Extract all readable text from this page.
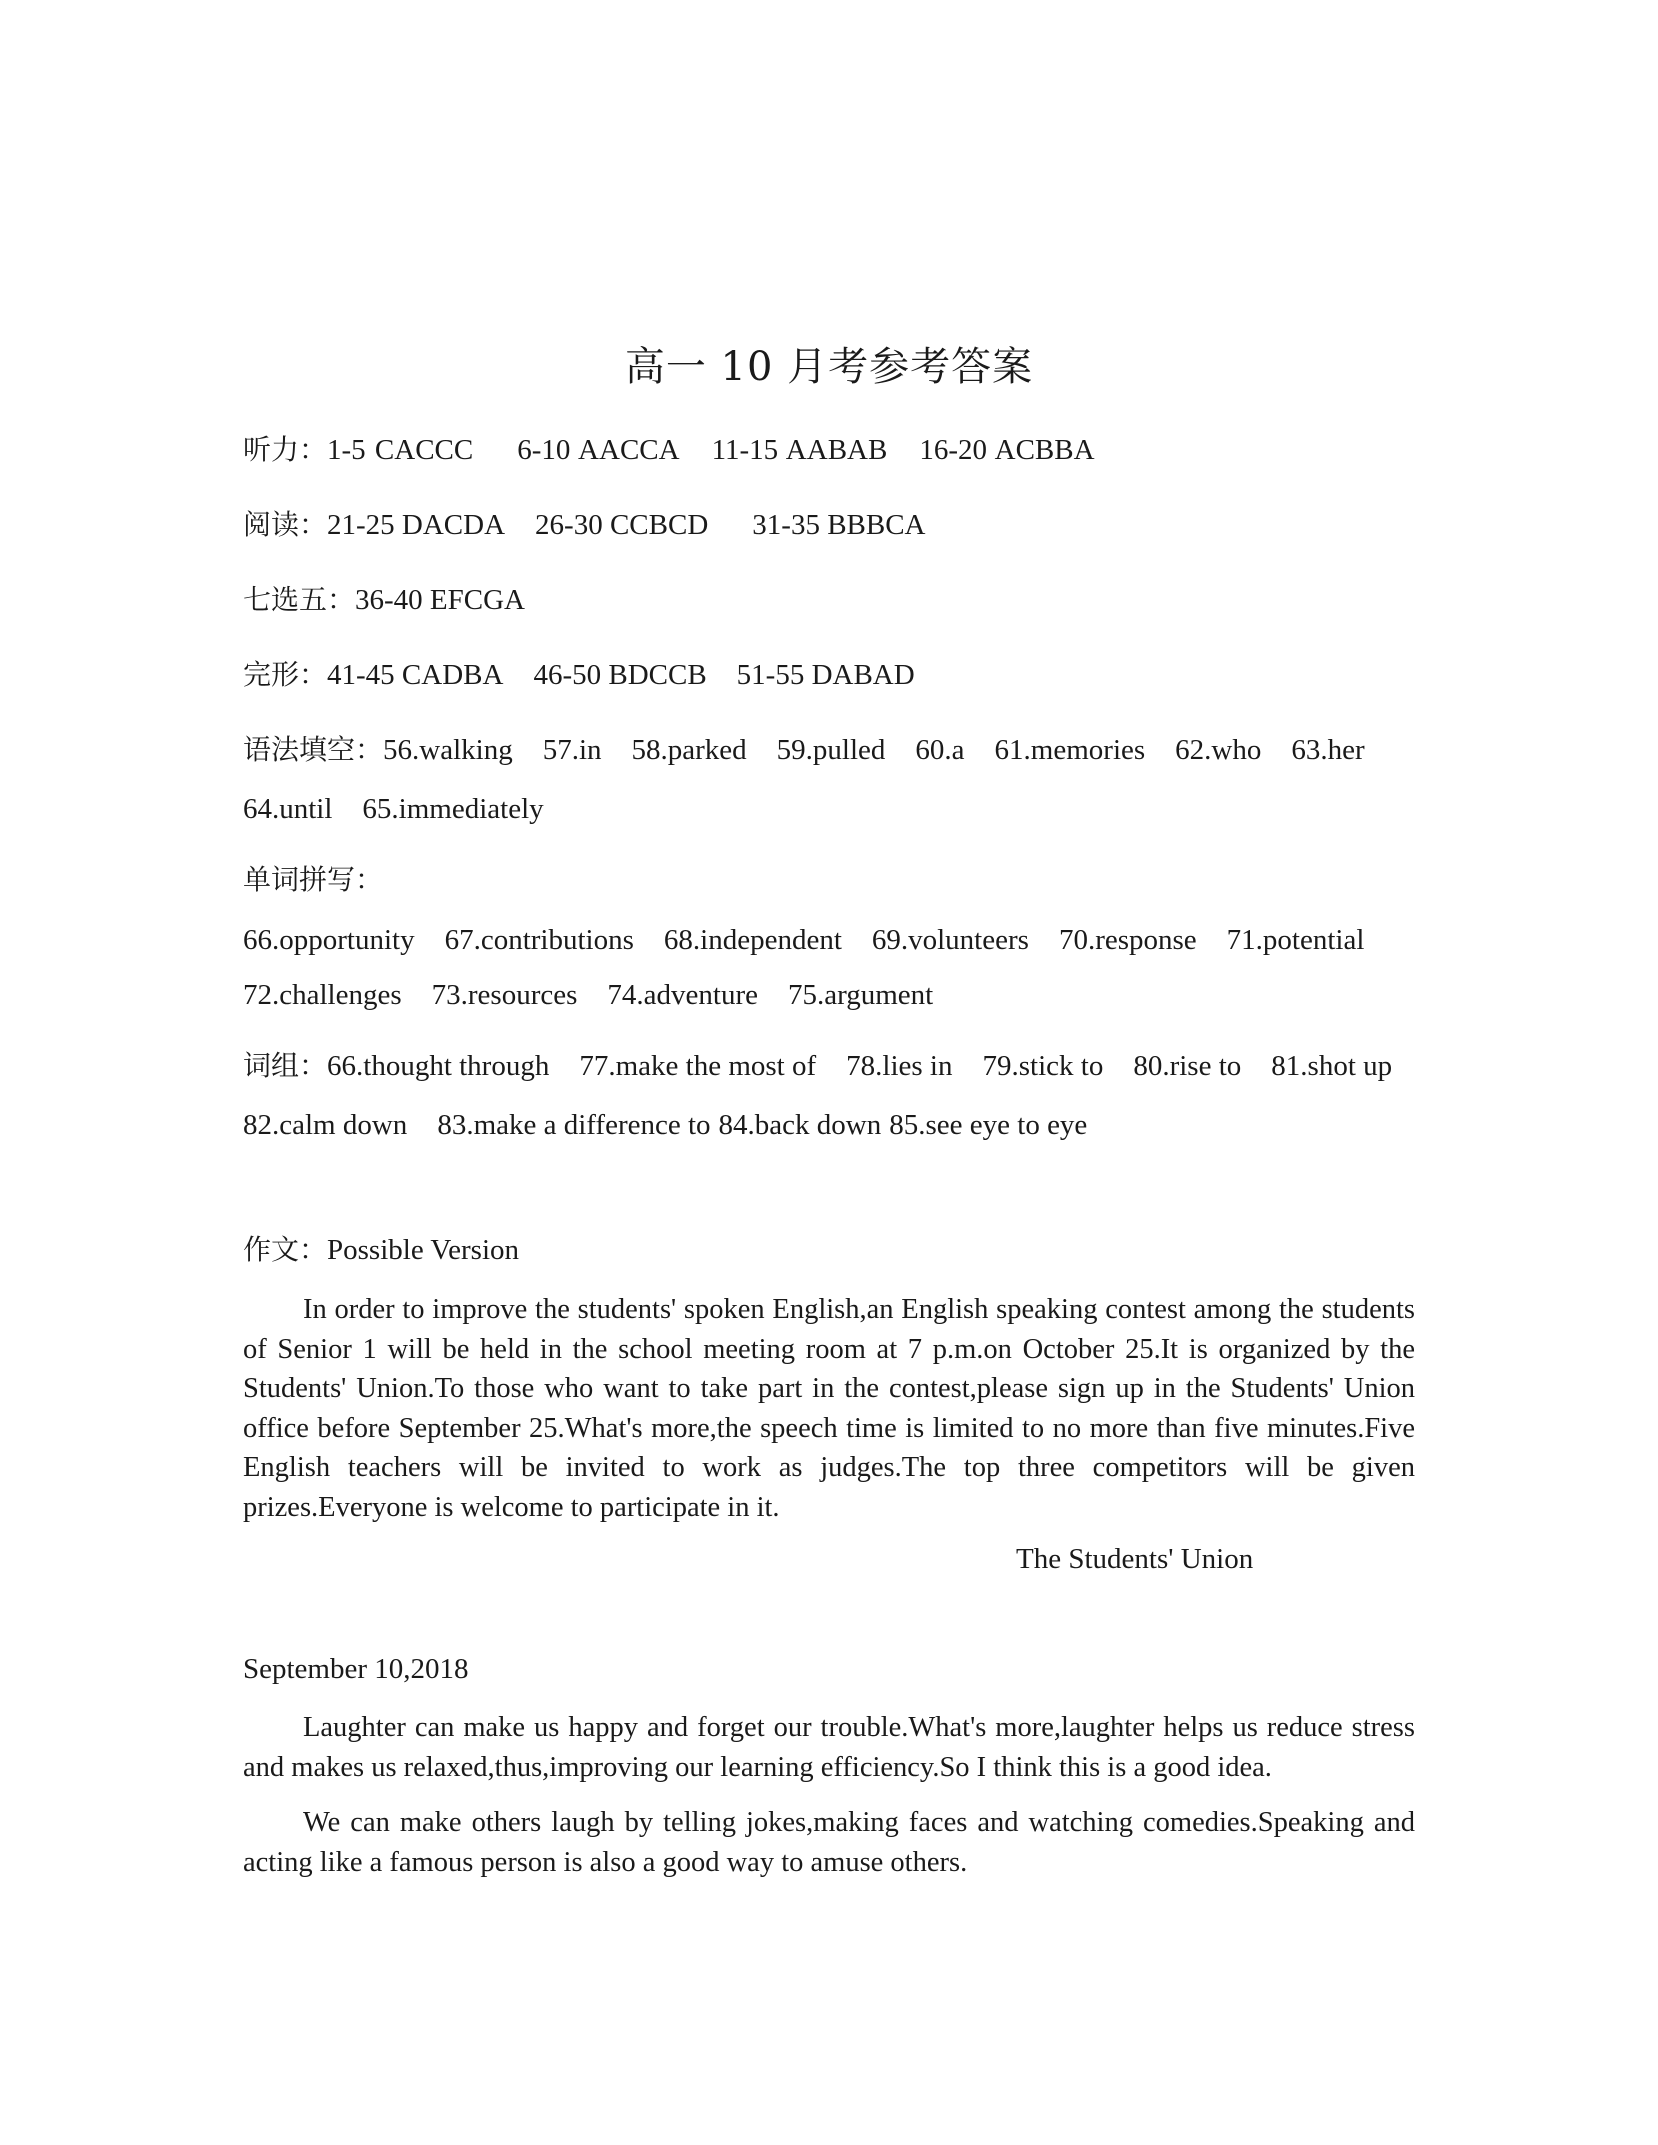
高一 10 月考参考答案
听力：1-5 CACCC 6-10 AACCA 11-15 AABAB 16-20 ACBBA
阅读：21-25 DACDA 26-30 CCBCD 31-35 BBBCA
七选五：36-40 EFCGA
完形：41-45 CADBA 46-50 BDCCB 51-55 DABAD
语法填空：56.walking 57.in 58.parked 59.pulled 60.a 61.memories 62.who 63.her
64.until 65.immediately
单词拼写：
66.opportunity 67.contributions 68.independent 69.volunteers 70.response 71.potential
72.challenges 73.resources 74.adventure 75.argument
词组：66.thought through 77.make the most of 78.lies in 79.stick to 80.rise to 81.shot up
82.calm down 83.make a difference to 84.back down 85.see eye to eye
作文：Possible Version

In order to improve the students' spoken English,an English speaking contest among the students of Senior 1 will be held in the school meeting room at 7 p.m.on October 25.It is organized by the Students' Union.To those who want to take part in the contest,please sign up in the Students' Union office before September 25.What's more,the speech time is limited to no more than five minutes.Five English teachers will be invited to work as judges.The top three competitors will be given prizes.Everyone is welcome to participate in it.

The Students' Union
September 10,2018

Laughter can make us happy and forget our trouble.What's more,laughter helps us reduce stress and makes us relaxed,thus,improving our learning efficiency.So I think this is a good idea.

We can make others laugh by telling jokes,making faces and watching comedies.Speaking and acting like a famous person is also a good way to amuse others.
